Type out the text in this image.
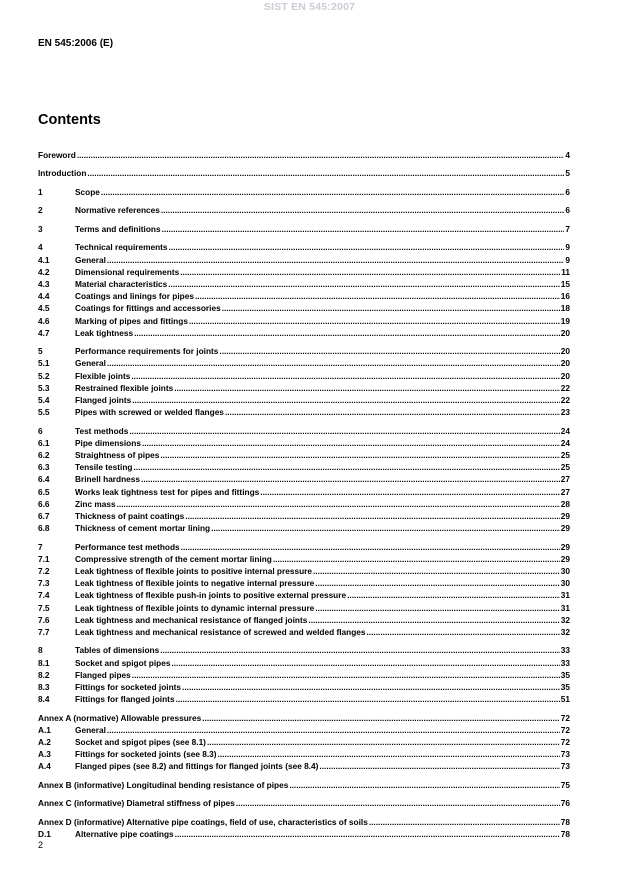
SIST EN 545:2007
EN 545:2006 (E)
Contents
Foreword .....	4
Introduction .....	5
1	Scope .....	6
2	Normative references .....	6
3	Terms and definitions .....	7
4	Technical requirements .....	9
4.1	General .....	9
4.2	Dimensional requirements .....	11
4.3	Material characteristics .....	15
4.4	Coatings and linings for pipes .....	16
4.5	Coatings for fittings and accessories .....	18
4.6	Marking of pipes and fittings .....	19
4.7	Leak tightness .....	20
5	Performance requirements for joints .....	20
5.1	General .....	20
5.2	Flexible joints .....	20
5.3	Restrained flexible joints .....	22
5.4	Flanged joints .....	22
5.5	Pipes with screwed or welded flanges .....	23
6	Test methods .....	24
6.1	Pipe dimensions .....	24
6.2	Straightness of pipes .....	25
6.3	Tensile testing .....	25
6.4	Brinell hardness .....	27
6.5	Works leak tightness test for pipes and fittings .....	27
6.6	Zinc mass .....	28
6.7	Thickness of paint coatings .....	29
6.8	Thickness of cement mortar lining .....	29
7	Performance test methods .....	29
7.1	Compressive strength of the cement mortar lining .....	29
7.2	Leak tightness of flexible joints to positive internal pressure .....	30
7.3	Leak tightness of flexible joints to negative internal pressure .....	30
7.4	Leak tightness of flexible push-in joints to positive external pressure .....	31
7.5	Leak tightness of flexible joints to dynamic internal pressure .....	31
7.6	Leak tightness and mechanical resistance of flanged joints .....	32
7.7	Leak tightness and mechanical resistance of screwed and welded flanges .....	32
8	Tables of dimensions .....	33
8.1	Socket and spigot pipes .....	33
8.2	Flanged pipes .....	35
8.3	Fittings for socketed joints .....	35
8.4	Fittings for flanged joints .....	51
Annex A (normative) Allowable pressures .....	72
A.1	General .....	72
A.2	Socket and spigot pipes (see 8.1) .....	72
A.3	Fittings for socketed joints (see 8.3) .....	73
A.4	Flanged pipes (see 8.2) and fittings for flanged joints (see 8.4) .....	73
Annex B (informative) Longitudinal bending resistance of pipes .....	75
Annex C (informative) Diametral stiffness of pipes .....	76
Annex D (informative) Alternative pipe coatings, field of use, characteristics of soils .....	78
D.1	Alternative pipe coatings .....	78
2
